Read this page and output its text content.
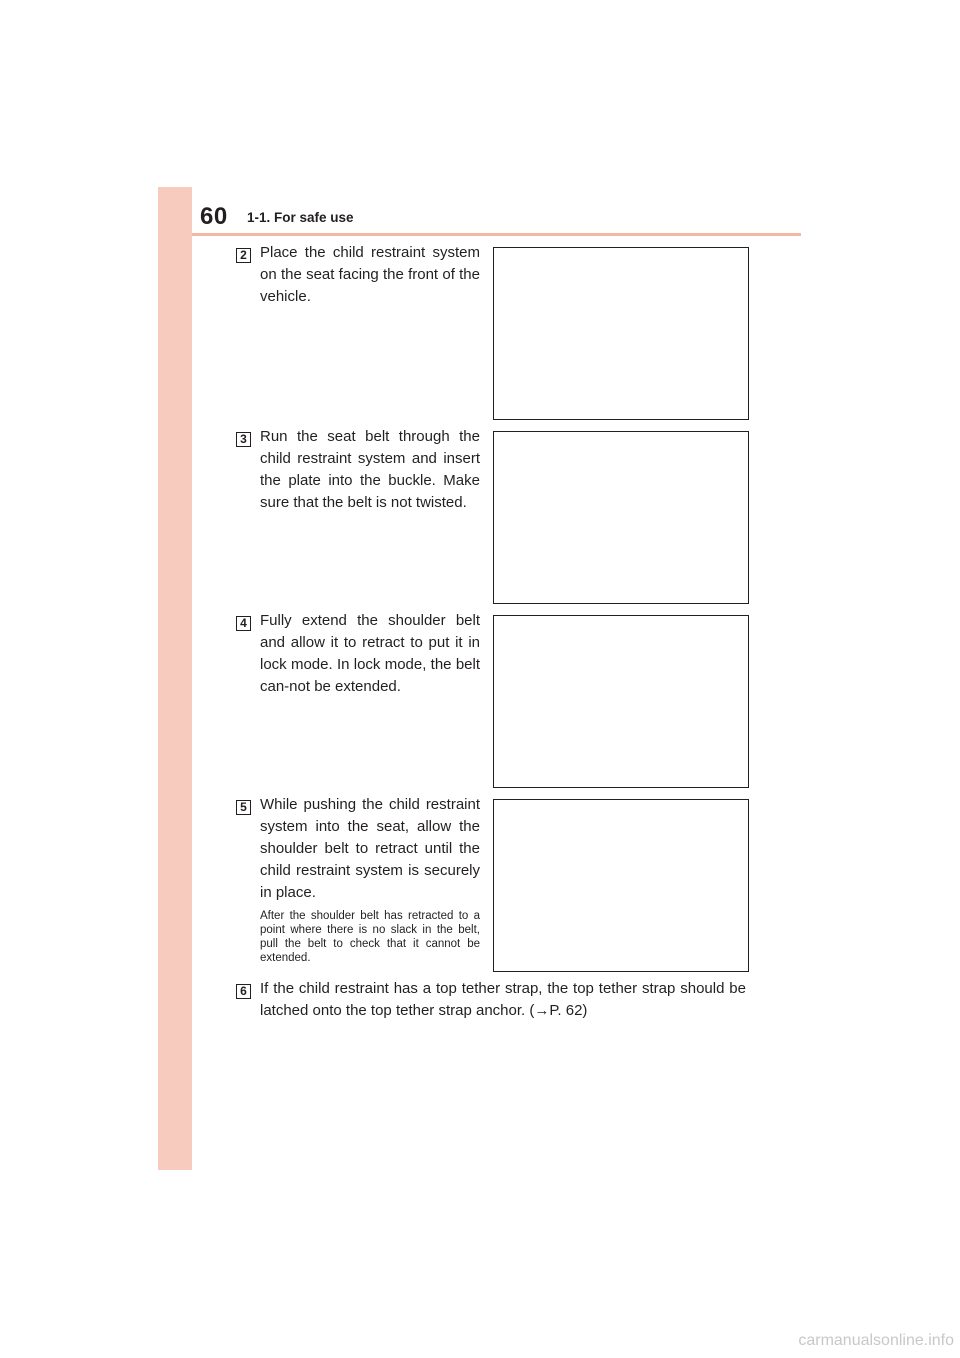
60 1-1. For safe use
2 Place the child restraint system on the seat facing the front of the vehicle.
3 Run the seat belt through the child restraint system and insert the plate into the buckle. Make sure that the belt is not twisted.
4 Fully extend the shoulder belt and allow it to retract to put it in lock mode. In lock mode, the belt can-not be extended.
5 While pushing the child restraint system into the seat, allow the shoulder belt to retract until the child restraint system is securely in place.
After the shoulder belt has retracted to a point where there is no slack in the belt, pull the belt to check that it cannot be extended.
6 If the child restraint has a top tether strap, the top tether strap should be latched onto the top tether strap anchor. (→P. 62)
carmanualsonline.info
